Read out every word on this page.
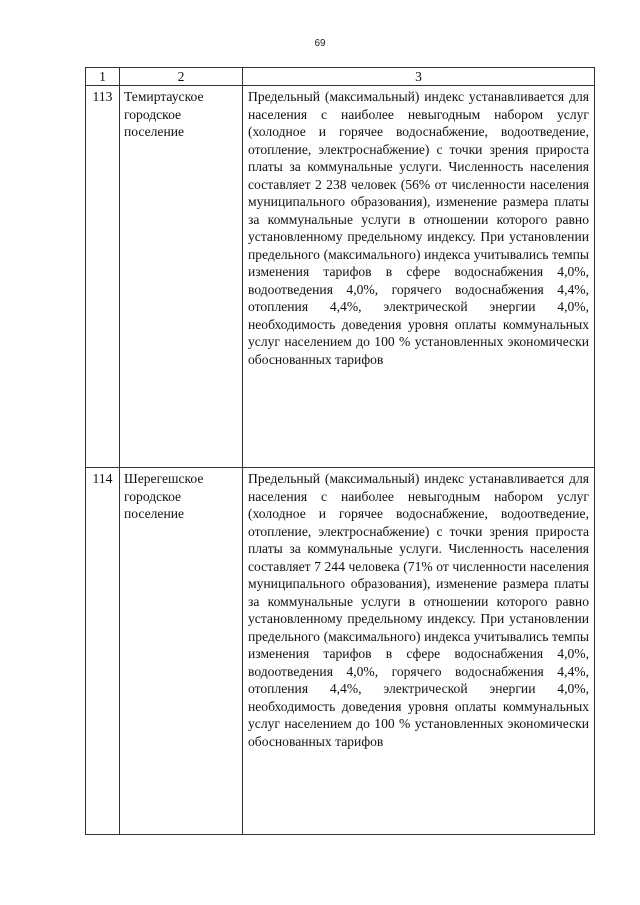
69
1	2	3
113	Темиртауское городское поселение	Предельный (максимальный) индекс устанавливается для населения с наиболее невыгодным набором услуг (холодное и горячее водоснабжение, водоотведение, отопление, электроснабжение) с точки зрения прироста платы за коммунальные услуги. Численность населения составляет 2 238 человек (56% от численности населения муниципального образования), изменение размера платы за коммунальные услуги в отношении которого равно установленному предельному индексу. При установлении предельного (максимального) индекса учитывались темпы изменения тарифов в сфере водоснабжения 4,0%, водоотведения 4,0%, горячего водоснабжения 4,4%, отопления 4,4%, электрической энергии 4,0%, необходимость доведения уровня оплаты коммунальных услуг населением до 100 % установленных экономически обоснованных тарифов
114	Шерегешское городское поселение	Предельный (максимальный) индекс устанавливается для населения с наиболее невыгодным набором услуг (холодное и горячее водоснабжение, водоотведение, отопление, электроснабжение) с точки зрения прироста платы за коммунальные услуги. Численность населения составляет 7 244 человека (71% от численности населения муниципального образования), изменение размера платы за коммунальные услуги в отношении которого равно установленному предельному индексу. При установлении предельного (максимального) индекса учитывались темпы изменения тарифов в сфере водоснабжения 4,0%, водоотведения 4,0%, горячего водоснабжения 4,4%, отопления 4,4%, электрической энергии 4,0%, необходимость доведения уровня оплаты коммунальных услуг населением до 100 % установленных экономически обоснованных тарифов
